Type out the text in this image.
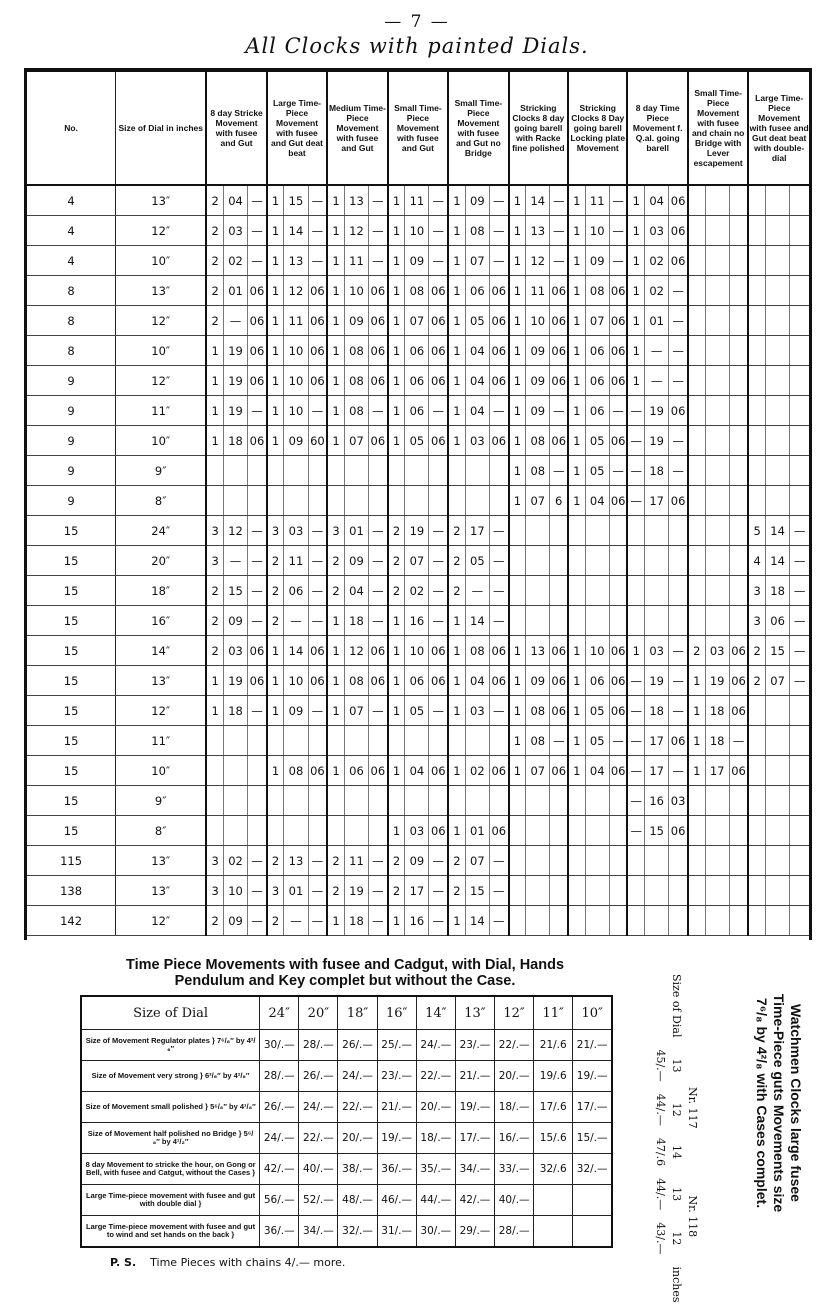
— 7 —
All Clocks with painted Dials.
No.	Size of Dial in inches	8 day Stricke Movement with fusee and Gut			Large Time-Piece Movement with fusee and Gut deat beat			Medium Time-Piece Movement with fusee and Gut			Small Time-Piece Movement with fusee and Gut			Small Time-Piece Movement with fusee and Gut no Bridge			Stricking Clocks 8 day going barell with Racke fine polished			Stricking Clocks 8 Day going barell Locking plate Movement			8 day Time Piece Movement f. Q.al. going barell			Small Time-Piece Movement with fusee and chain no Bridge with Lever escapement			Large Time-Piece Movement with fusee and Gut deat beat with double-dial		
4	13″	2	04	—	1	15	—	1	13	—	1	11	—	1	09	—	1	14	—	1	11	—	1	04	06						
4	12″	2	03	—	1	14	—	1	12	—	1	10	—	1	08	—	1	13	—	1	10	—	1	03	06						
4	10″	2	02	—	1	13	—	1	11	—	1	09	—	1	07	—	1	12	—	1	09	—	1	02	06						
8	13″	2	01	06	1	12	06	1	10	06	1	08	06	1	06	06	1	11	06	1	08	06	1	02	—						
8	12″	2	—	06	1	11	06	1	09	06	1	07	06	1	05	06	1	10	06	1	07	06	1	01	—						
8	10″	1	19	06	1	10	06	1	08	06	1	06	06	1	04	06	1	09	06	1	06	06	1	—	—						
9	12″	1	19	06	1	10	06	1	08	06	1	06	06	1	04	06	1	09	06	1	06	06	1	—	—						
9	11″	1	19	—	1	10	—	1	08	—	1	06	—	1	04	—	1	09	—	1	06	—	—	19	06						
9	10″	1	18	06	1	09	60	1	07	06	1	05	06	1	03	06	1	08	06	1	05	06	—	19	—						
9	9″																1	08	—	1	05	—	—	18	—						
9	8″																1	07	6	1	04	06	—	17	06						
15	24″	3	12	—	3	03	—	3	01	—	2	19	—	2	17	—													5	14	—
15	20″	3	—	—	2	11	—	2	09	—	2	07	—	2	05	—													4	14	—
15	18″	2	15	—	2	06	—	2	04	—	2	02	—	2	—	—													3	18	—
15	16″	2	09	—	2	—	—	1	18	—	1	16	—	1	14	—													3	06	—
15	14″	2	03	06	1	14	06	1	12	06	1	10	06	1	08	06	1	13	06	1	10	06	1	03	—	2	03	06	2	15	—
15	13″	1	19	06	1	10	06	1	08	06	1	06	06	1	04	06	1	09	06	1	06	06	—	19	—	1	19	06	2	07	—
15	12″	1	18	—	1	09	—	1	07	—	1	05	—	1	03	—	1	08	06	1	05	06	—	18	—	1	18	06			
15	11″																1	08	—	1	05	—	—	17	06	1	18	—			
15	10″				1	08	06	1	06	06	1	04	06	1	02	06	1	07	06	1	04	06	—	17	—	1	17	06			
15	9″																						—	16	03						
15	8″										1	03	06	1	01	06							—	15	06						
115	13″	3	02	—	2	13	—	2	11	—	2	09	—	2	07	—															
138	13″	3	10	—	3	01	—	2	19	—	2	17	—	2	15	—															
142	12″	2	09	—	2	—	—	1	18	—	1	16	—	1	14	—															
Time Piece Movements with fusee and Cadgut, with Dial, Hands
Pendulum and Key complet but without the Case.
Size of Dial	24″	20″	18″	16″	14″	13″	12″	11″	10″
Size of Movement Regulator plates } 7⁶/₈″ by 4²/₆″	30/.—	28/.—	26/.—	25/.—	24/.—	23/.—	22/.—	21/.6	21/.—
Size of Movement very strong } 6²/₆″ by 4²/₈″	28/.—	26/.—	24/.—	23/.—	22/.—	21/.—	20/.—	19/.6	19/.—
Size of Movement small polished } 5⁶/₈″ by 4¹/₈″	26/.—	24/.—	22/.—	21/.—	20/.—	19/.—	18/.—	17/.6	17/.—
Size of Movement half polished no Bridge } 5⁶/₈″ by 4¹/₂″	24/.—	22/.—	20/.—	19/.—	18/.—	17/.—	16/.—	15/.6	15/.—
8 day Movement to stricke the hour, on Gong or Bell, with fusee and Catgut, without the Cases }	42/.—	40/.—	38/.—	36/.—	35/.—	34/.—	33/.—	32/.6	32/.—
Large Time-piece movement with fusee and gut with double dial }	56/.—	52/.—	48/.—	46/.—	44/.—	42/.—	40/.—		
Large Time-piece movement with fusee and gut to wind and set hands on the back }	36/.—	34/.—	32/.—	31/.—	30/.—	29/.—	28/.—		
P. S. Time Pieces with chains 4/.— more.
Watchmen Clocks large fusee
Time-Piece guts Movements size
7⁶/₈ by 4²/₈ with Cases complet.
	Nr. 117			Nr. 118		
Size of Dial	13	12	14	13	12	inches
	45/.—	44/.—	47/.6	44/.—	43/.—	
